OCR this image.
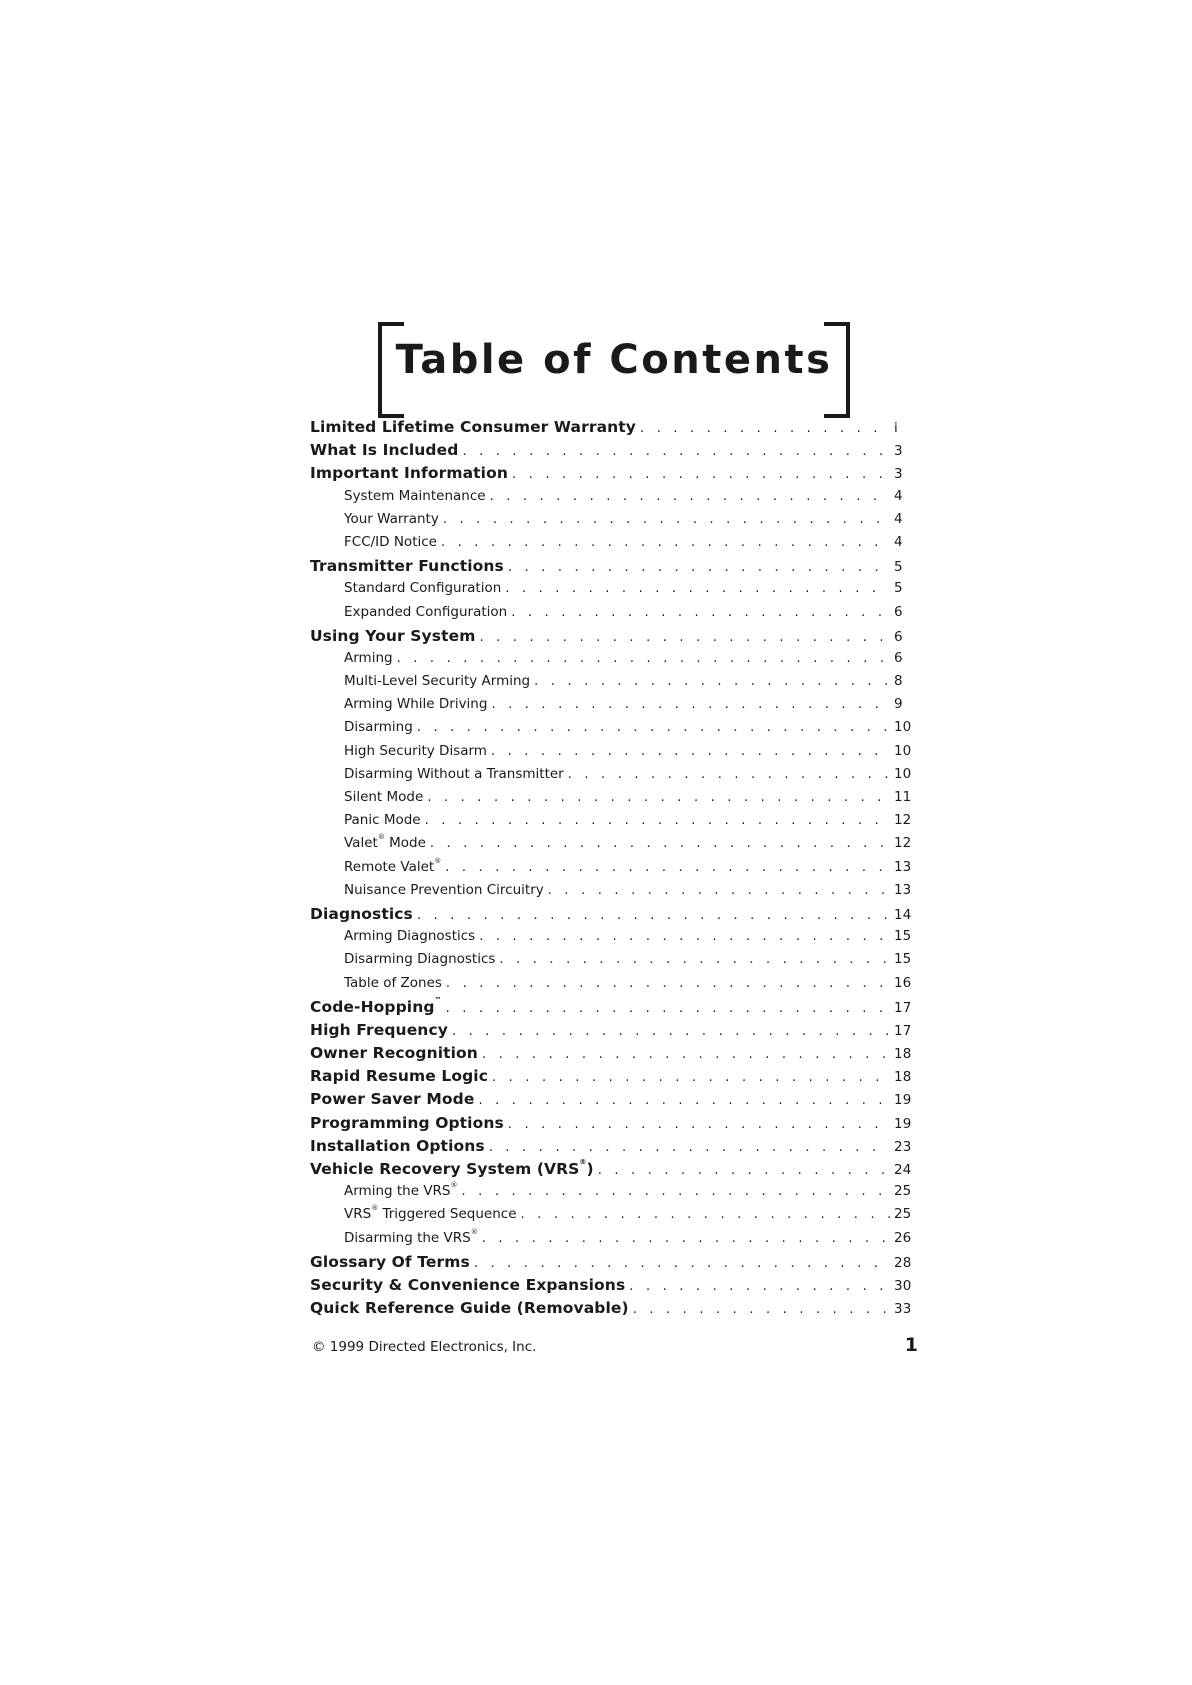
Table of Contents
Limited Lifetime Consumer Warranty . . .	i
What Is Included . . .	3
Important Information . . .	3
System Maintenance . . .	4
Your Warranty . . .	4
FCC/ID Notice . . .	4
Transmitter Functions . . .	5
Standard Configuration . . .	5
Expanded Configuration . . .	6
Using Your System . . .	6
Arming . . .	6
Multi-Level Security Arming . . .	8
Arming While Driving . . .	9
Disarming . . .	10
High Security Disarm . . .	10
Disarming Without a Transmitter . . .	10
Silent Mode . . .	11
Panic Mode . . .	12
Valet® Mode . . .	12
Remote Valet® . . .	13
Nuisance Prevention Circuitry . . .	13
Diagnostics . . .	14
Arming Diagnostics . . .	15
Disarming Diagnostics . . .	15
Table of Zones . . .	16
Code-Hopping™ . . .	17
High Frequency . . .	17
Owner Recognition . . .	18
Rapid Resume Logic . . .	18
Power Saver Mode . . .	19
Programming Options . . .	19
Installation Options . . .	23
Vehicle Recovery System (VRS®) . . .	24
Arming the VRS® . . .	25
VRS® Triggered Sequence . . .	25
Disarming the VRS® . . .	26
Glossary Of Terms . . .	28
Security & Convenience Expansions . . .	30
Quick Reference Guide (Removable) . . .	33
© 1999 Directed Electronics, Inc.	1
